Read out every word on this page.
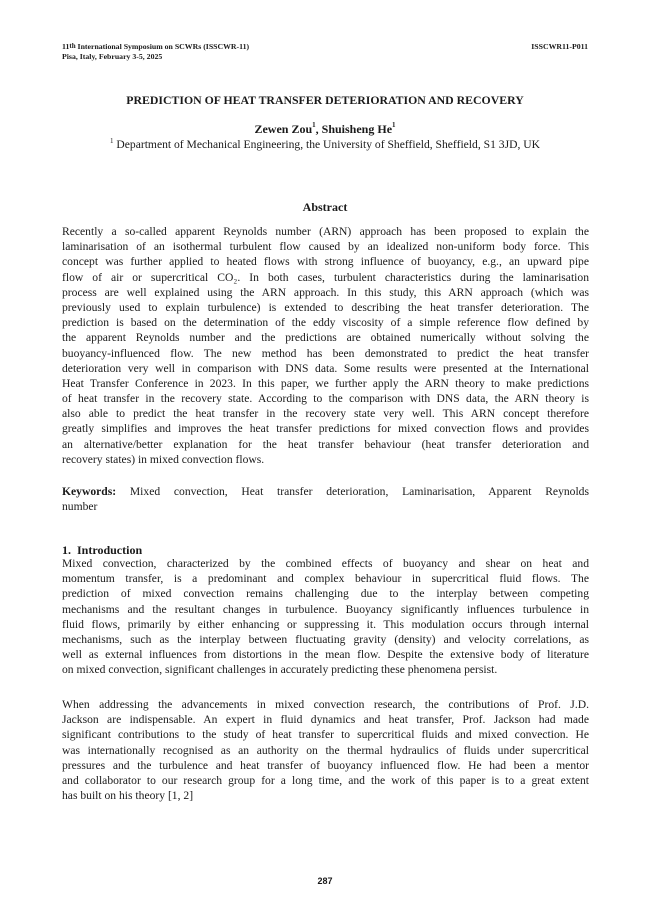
11th International Symposium on SCWRs (ISSCWR-11)
Pisa, Italy, February 3-5, 2025
ISSCWR11-P011
PREDICTION OF HEAT TRANSFER DETERIORATION AND RECOVERY
Zewen Zou$^1$, Shuisheng He$^1$
$^1$ Department of Mechanical Engineering, the University of Sheffield, Sheffield, S1 3JD, UK
Abstract
Recently a so-called apparent Reynolds number (ARN) approach has been proposed to explain the
laminarisation of an isothermal turbulent flow caused by an idealized non-uniform body force. This
concept was further applied to heated flows with strong influence of buoyancy, e.g., an upward pipe
flow of air or supercritical CO₂. In both cases, turbulent characteristics during the laminarisation
process are well explained using the ARN approach. In this study, this ARN approach (which was
previously used to explain turbulence) is extended to describing the heat transfer deterioration. The
prediction is based on the determination of the eddy viscosity of a simple reference flow defined by
the apparent Reynolds number and the predictions are obtained numerically without solving the
buoyancy-influenced flow. The new method has been demonstrated to predict the heat transfer
deterioration very well in comparison with DNS data. Some results were presented at the International
Heat Transfer Conference in 2023. In this paper, we further apply the ARN theory to make predictions
of heat transfer in the recovery state. According to the comparison with DNS data, the ARN theory is
also able to predict the heat transfer in the recovery state very well. This ARN concept therefore
greatly simplifies and improves the heat transfer predictions for mixed convection flows and provides
an alternative/better explanation for the heat transfer behaviour (heat transfer deterioration and
recovery states) in mixed convection flows.
Keywords: Mixed convection, Heat transfer deterioration, Laminarisation, Apparent Reynolds
number
1. Introduction
Mixed convection, characterized by the combined effects of buoyancy and shear on heat and
momentum transfer, is a predominant and complex behaviour in supercritical fluid flows. The
prediction of mixed convection remains challenging due to the interplay between competing
mechanisms and the resultant changes in turbulence. Buoyancy significantly influences turbulence in
fluid flows, primarily by either enhancing or suppressing it. This modulation occurs through internal
mechanisms, such as the interplay between fluctuating gravity (density) and velocity correlations, as
well as external influences from distortions in the mean flow. Despite the extensive body of literature
on mixed convection, significant challenges in accurately predicting these phenomena persist.
When addressing the advancements in mixed convection research, the contributions of Prof. J.D.
Jackson are indispensable. An expert in fluid dynamics and heat transfer, Prof. Jackson had made
significant contributions to the study of heat transfer to supercritical fluids and mixed convection. He
was internationally recognised as an authority on the thermal hydraulics of fluids under supercritical
pressures and the turbulence and heat transfer of buoyancy influenced flow. He had been a mentor
and collaborator to our research group for a long time, and the work of this paper is to a great extent
has built on his theory [1, 2]
287
